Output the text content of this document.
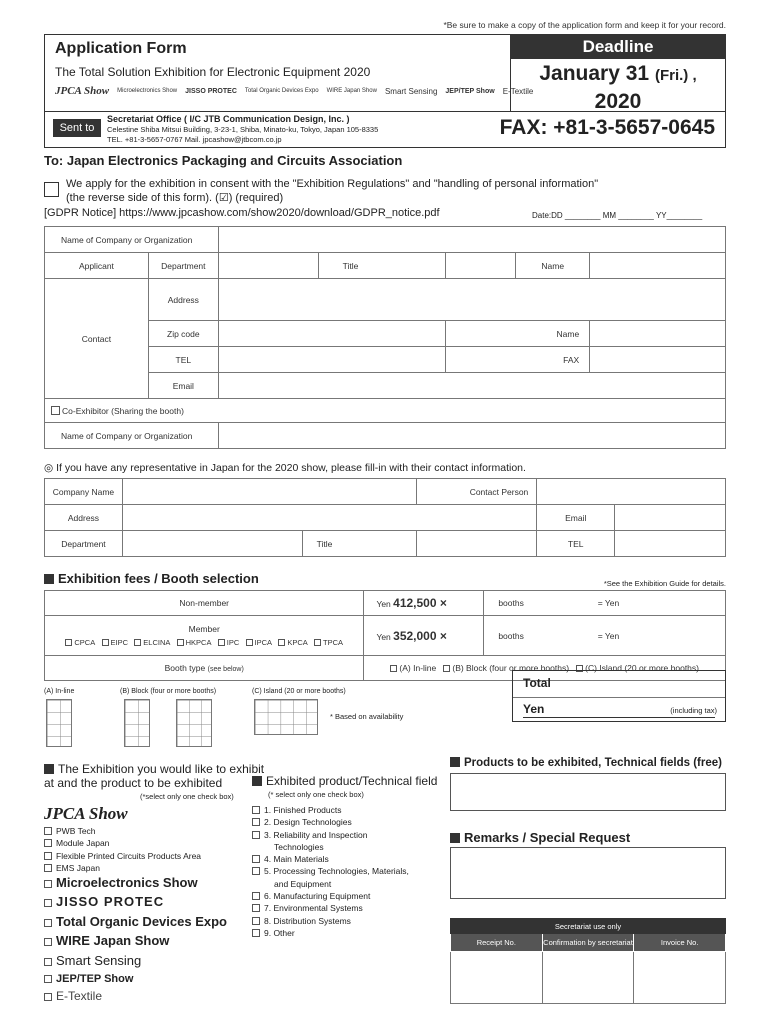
*Be sure to make a copy of the application form and keep it for your record.
Application Form
The Total Solution Exhibition for Electronic Equipment 2020
JPCA Show Microelectronics Show JISSO PROTEC Total Organic Devices Expo WIRE Japan Show Smart Sensing JEP/TEP Show E-Textile
Deadline
January 31 (Fri.) ,
2020
Sent to
Secretariat Office ( I/C JTB Communication Design, Inc. )
Celestine Shiba Mitsui Building, 3-23-1, Shiba, Minato-ku, Tokyo, Japan 105-8335
TEL. +81-3-5657-0767 Mail. jpcashow@jtbcom.co.jp
FAX: +81-3-5657-0645
To: Japan Electronics Packaging and Circuits Association
We apply for the exhibition in consent with the "Exhibition Regulations" and "handling of personal information"
(the reverse side of this form). (☑) (required)
[GDPR Notice] https://www.jpcashow.com/show2020/download/GDPR_notice.pdf	Date:DD ________ MM ________ YY________
Name of Company or Organization						
Applicant	Department		Title		Name	
Contact	Address					
	Zip code			Name		
	TEL			FAX		
	Email					
Co-Exhibitor (Sharing the booth)						
Name of Company or Organization						
◎ If you have any representative in Japan for the 2020 show, please fill-in with their contact information.
Company Name			Contact Person		
Address				Email	
Department		Title		TEL	
Exhibition fees / Booth selection	*See the Exhibition Guide for details.
Non-member	Yen 412,500 ×	booths	= Yen

Member
CPCA EIPC ELCINA HKPCA IPC IPCA KPCA TPCA	Yen 352,000 ×	booths	= Yen
Booth type (see below)	(A) In-line (B) Block (four or more booths) (C) Island (20 or more booths)		
(A) In-line	(B) Block (four or more booths)	(C) Island (20 or more booths)
* Based on availability
Total
Yen	(including tax)
The Exhibition you would like to exhibit
at and the product to be exhibited
(*select only one check box)
JPCA Show
PWB Tech
Module Japan
Flexible Printed Circuits Products Area
EMS Japan
Microelectronics Show
JISSO PROTEC
Total Organic Devices Expo
WIRE Japan Show
Smart Sensing
JEP/TEP Show
E-Textile
Exhibited product/Technical field
(* select only one check box)
1. Finished Products
2. Design Technologies
3. Reliability and Inspection
Technologies
4. Main Materials
5. Processing Technologies, Materials,
and Equipment
6. Manufacturing Equipment
7. Environmental Systems
8. Distribution Systems
9. Other
Products to be exhibited, Technical fields (free)
Remarks / Special Request
Secretariat use only		
Receipt No.	Confirmation by secretariat	Invoice No.
